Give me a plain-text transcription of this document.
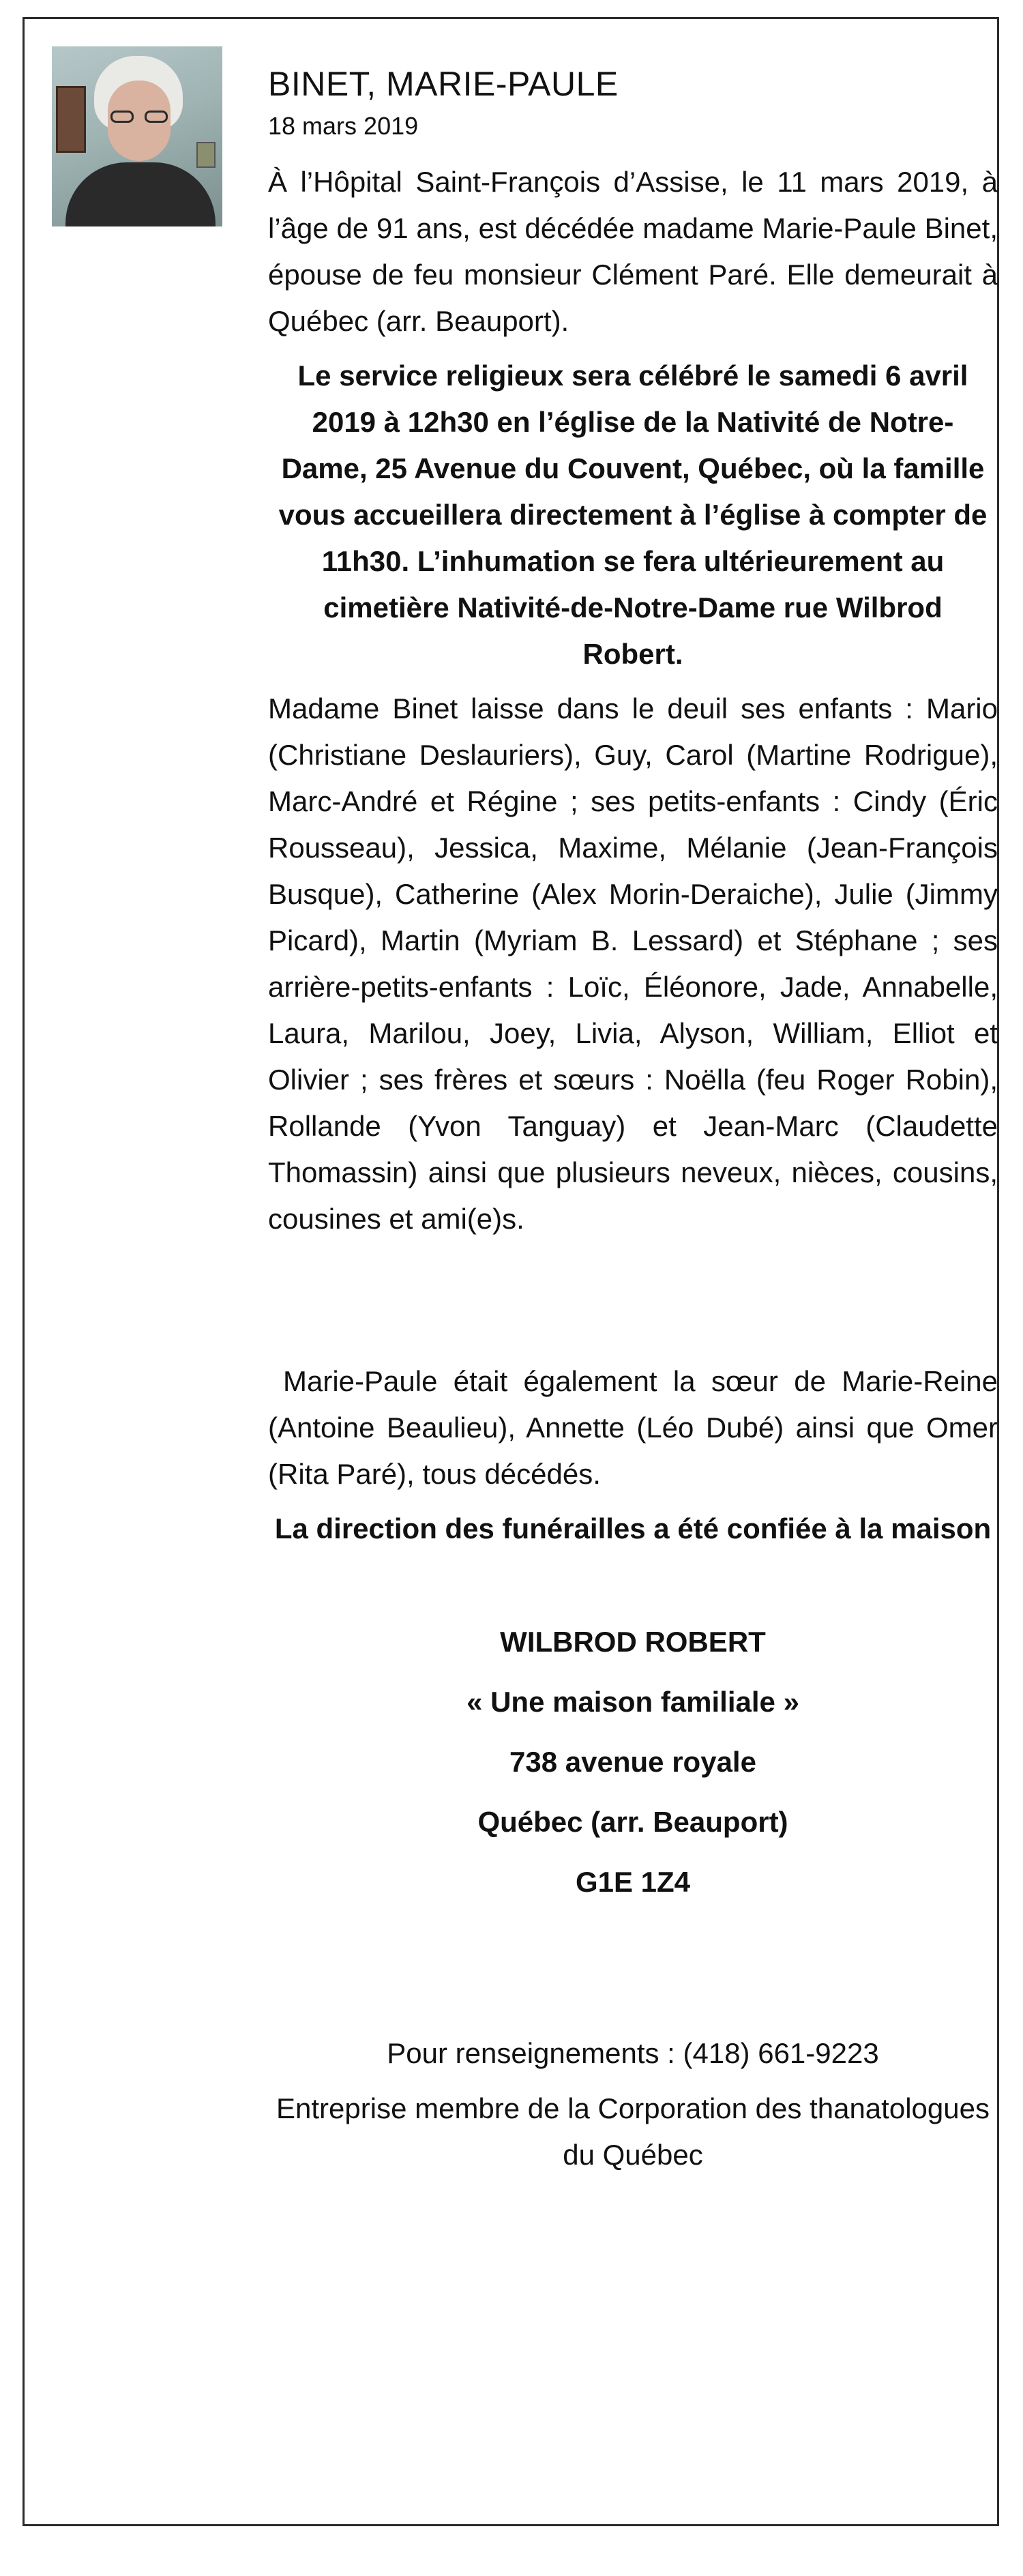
BINET, MARIE-PAULE
18 mars 2019

À l’Hôpital Saint-François d’Assise, le 11 mars 2019, à l’âge de 91 ans, est décédée madame Marie-Paule Binet, épouse de feu monsieur Clément Paré. Elle demeurait à Québec (arr. Beauport).

Le service religieux sera célébré le samedi 6 avril 2019 à 12h30 en l’église de la Nativité de Notre-Dame, 25 Avenue du Couvent, Québec, où la famille vous accueillera directement à l’église à compter de 11h30. L’inhumation se fera ultérieurement au cimetière Nativité-de-Notre-Dame rue Wilbrod Robert.

Madame Binet laisse dans le deuil ses enfants : Mario (Christiane Deslauriers), Guy, Carol (Martine Rodrigue), Marc-André et Régine ; ses petits-enfants : Cindy (Éric Rousseau), Jessica, Maxime, Mélanie (Jean-François Busque), Catherine (Alex Morin-Deraiche), Julie (Jimmy Picard), Martin (Myriam B. Lessard) et Stéphane ; ses arrière-petits-enfants : Loïc, Éléonore, Jade, Annabelle, Laura, Marilou, Joey, Livia, Alyson, William, Elliot et Olivier ; ses frères et sœurs : Noëlla (feu Roger Robin), Rollande (Yvon Tanguay) et Jean-Marc (Claudette Thomassin) ainsi que plusieurs neveux, nièces, cousins, cousines et ami(e)s.

Marie-Paule était également la sœur de Marie-Reine (Antoine Beaulieu), Annette (Léo Dubé) ainsi que Omer (Rita Paré), tous décédés.

La direction des funérailles a été confiée à la maison

WILBROD ROBERT
« Une maison familiale »
738 avenue royale
Québec (arr. Beauport)
G1E 1Z4

Pour renseignements : (418) 661-9223

Entreprise membre de la Corporation des thanatologues du Québec
